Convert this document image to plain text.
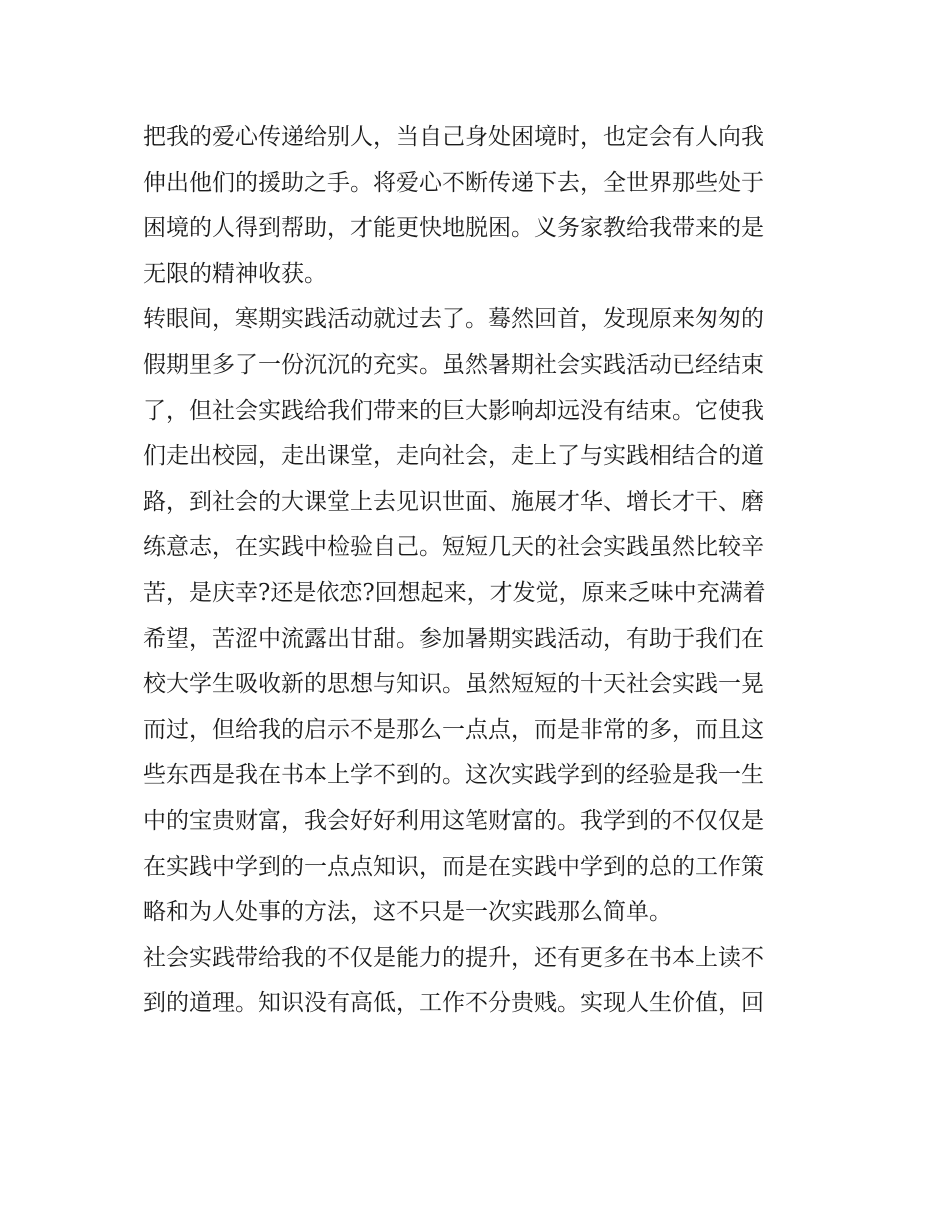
把我的爱心传递给别人，当自己身处困境时，也定会有人向我
伸出他们的援助之手。将爱心不断传递下去，全世界那些处于
困境的人得到帮助，才能更快地脱困。义务家教给我带来的是
无限的精神收获。
转眼间，寒期实践活动就过去了。蓦然回首，发现原来匆匆的
假期里多了一份沉沉的充实。虽然暑期社会实践活动已经结束
了，但社会实践给我们带来的巨大影响却远没有结束。它使我
们走出校园，走出课堂，走向社会，走上了与实践相结合的道
路，到社会的大课堂上去见识世面、施展才华、增长才干、磨
练意志，在实践中检验自己。短短几天的社会实践虽然比较辛
苦，是庆幸?还是依恋?回想起来，才发觉，原来乏味中充满着
希望，苦涩中流露出甘甜。参加暑期实践活动，有助于我们在
校大学生吸收新的思想与知识。虽然短短的十天社会实践一晃
而过，但给我的启示不是那么一点点，而是非常的多，而且这
些东西是我在书本上学不到的。这次实践学到的经验是我一生
中的宝贵财富，我会好好利用这笔财富的。我学到的不仅仅是
在实践中学到的一点点知识，而是在实践中学到的总的工作策
略和为人处事的方法，这不只是一次实践那么简单。
社会实践带给我的不仅是能力的提升，还有更多在书本上读不
到的道理。知识没有高低，工作不分贵贱。实现人生价值，回
